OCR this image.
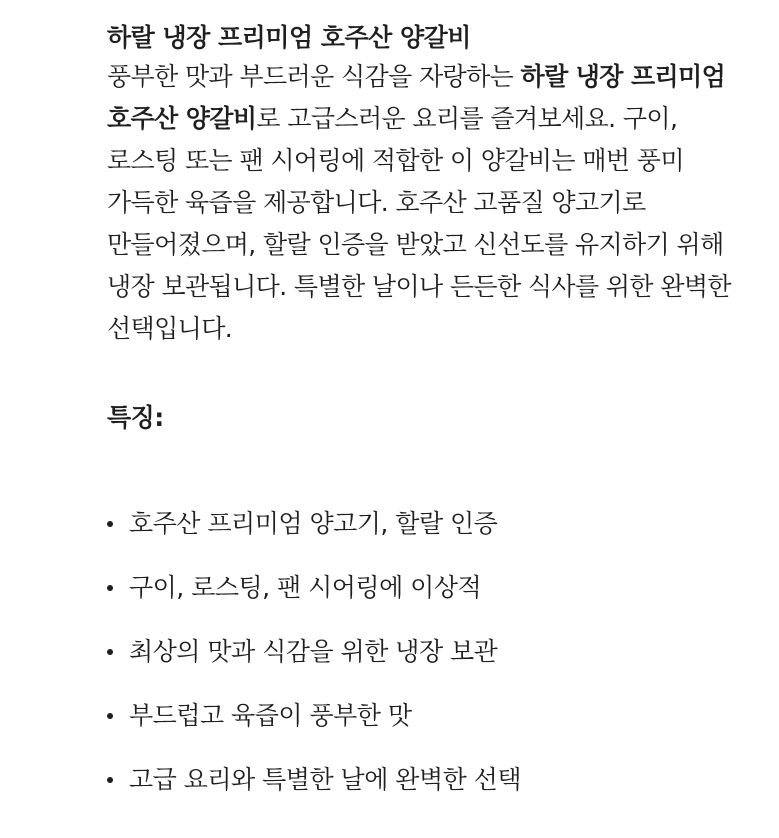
하랄 냉장 프리미엄 호주산 양갈비

풍부한 맛과 부드러운 식감을 자랑하는 하랄 냉장 프리미엄 호주산 양갈비로 고급스러운 요리를 즐겨보세요. 구이, 로스팅 또는 팬 시어링에 적합한 이 양갈비는 매번 풍미 가득한 육즙을 제공합니다. 호주산 고품질 양고기로 만들어졌으며, 할랄 인증을 받았고 신선도를 유지하기 위해 냉장 보관됩니다. 특별한 날이나 든든한 식사를 위한 완벽한 선택입니다.

특징:
호주산 프리미엄 양고기, 할랄 인증
구이, 로스팅, 팬 시어링에 이상적
최상의 맛과 식감을 위한 냉장 보관
부드럽고 육즙이 풍부한 맛
고급 요리와 특별한 날에 완벽한 선택
